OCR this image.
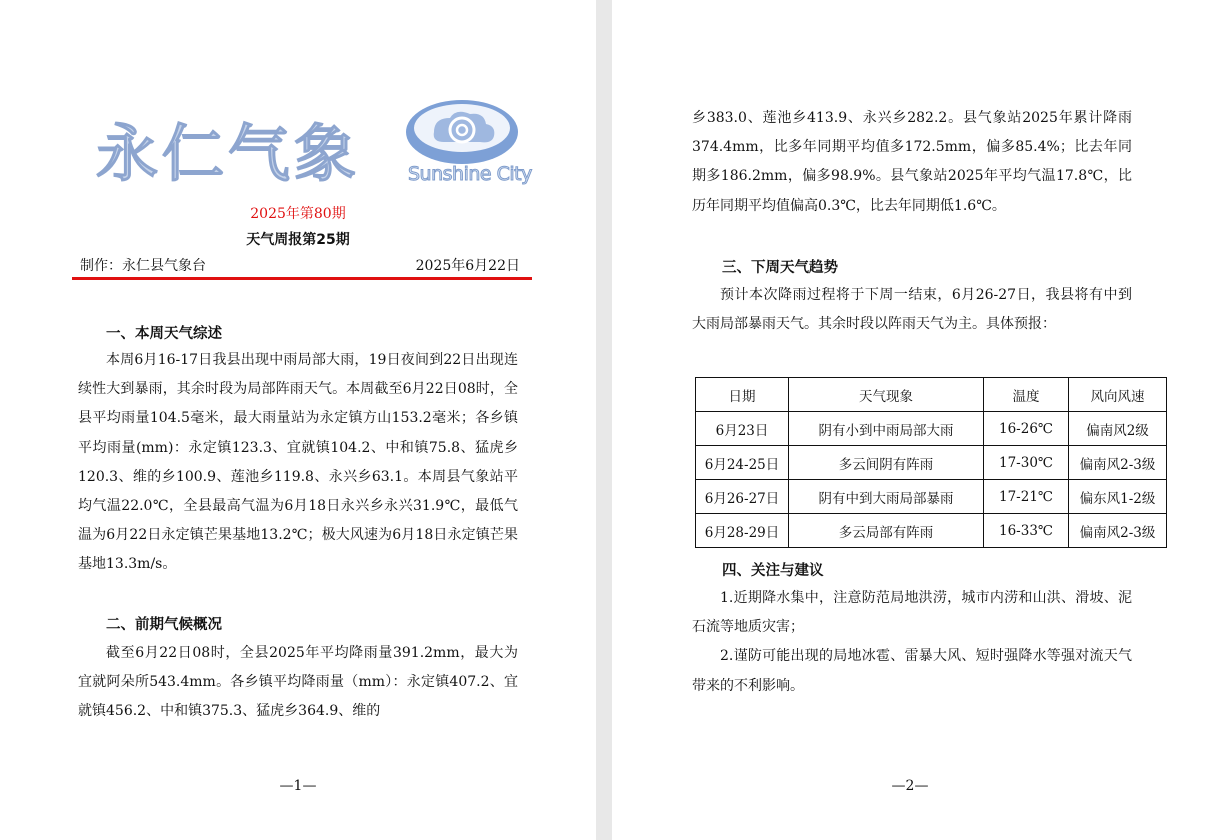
永仁气象	Sunshine City
2025年第80期
天气周报第25期
制作：永仁县气象台	2025年6月22日
一、本周天气综述

本周6月16-17日我县出现中雨局部大雨，19日夜间到22日出现连续性大到暴雨，其余时段为局部阵雨天气。本周截至6月22日08时，全县平均雨量104.5毫米，最大雨量站为永定镇方山153.2毫米；各乡镇平均雨量(mm)：永定镇123.3、宜就镇104.2、中和镇75.8、猛虎乡120.3、维的乡100.9、莲池乡119.8、永兴乡63.1。本周县气象站平均气温22.0℃，全县最高气温为6月18日永兴乡永兴31.9℃，最低气温为6月22日永定镇芒果基地13.2℃；极大风速为6月18日永定镇芒果基地13.3m/s。

二、前期气候概况

截至6月22日08时，全县2025年平均降雨量391.2mm，最大为宜就阿朵所543.4mm。各乡镇平均降雨量（mm）：永定镇407.2、宜就镇456.2、中和镇375.3、猛虎乡364.9、维的

—1—

乡383.0、莲池乡413.9、永兴乡282.2。县气象站2025年累计降雨374.4mm，比多年同期平均值多172.5mm，偏多85.4%；比去年同期多186.2mm，偏多98.9%。县气象站2025年平均气温17.8℃，比历年同期平均值偏高0.3℃，比去年同期低1.6℃。

三、下周天气趋势

预计本次降雨过程将于下周一结束，6月26-27日，我县将有中到大雨局部暴雨天气。其余时段以阵雨天气为主。具体预报：

日期	天气现象	温度	风向风速
6月23日	阴有小到中雨局部大雨	16-26℃	偏南风2级
6月24-25日	多云间阴有阵雨	17-30℃	偏南风2-3级
6月26-27日	阴有中到大雨局部暴雨	17-21℃	偏东风1-2级
6月28-29日	多云局部有阵雨	16-33℃	偏南风2-3级
四、关注与建议

1.近期降水集中，注意防范局地洪涝，城市内涝和山洪、滑坡、泥石流等地质灾害；

2.谨防可能出现的局地冰雹、雷暴大风、短时强降水等强对流天气带来的不利影响。

—2—
